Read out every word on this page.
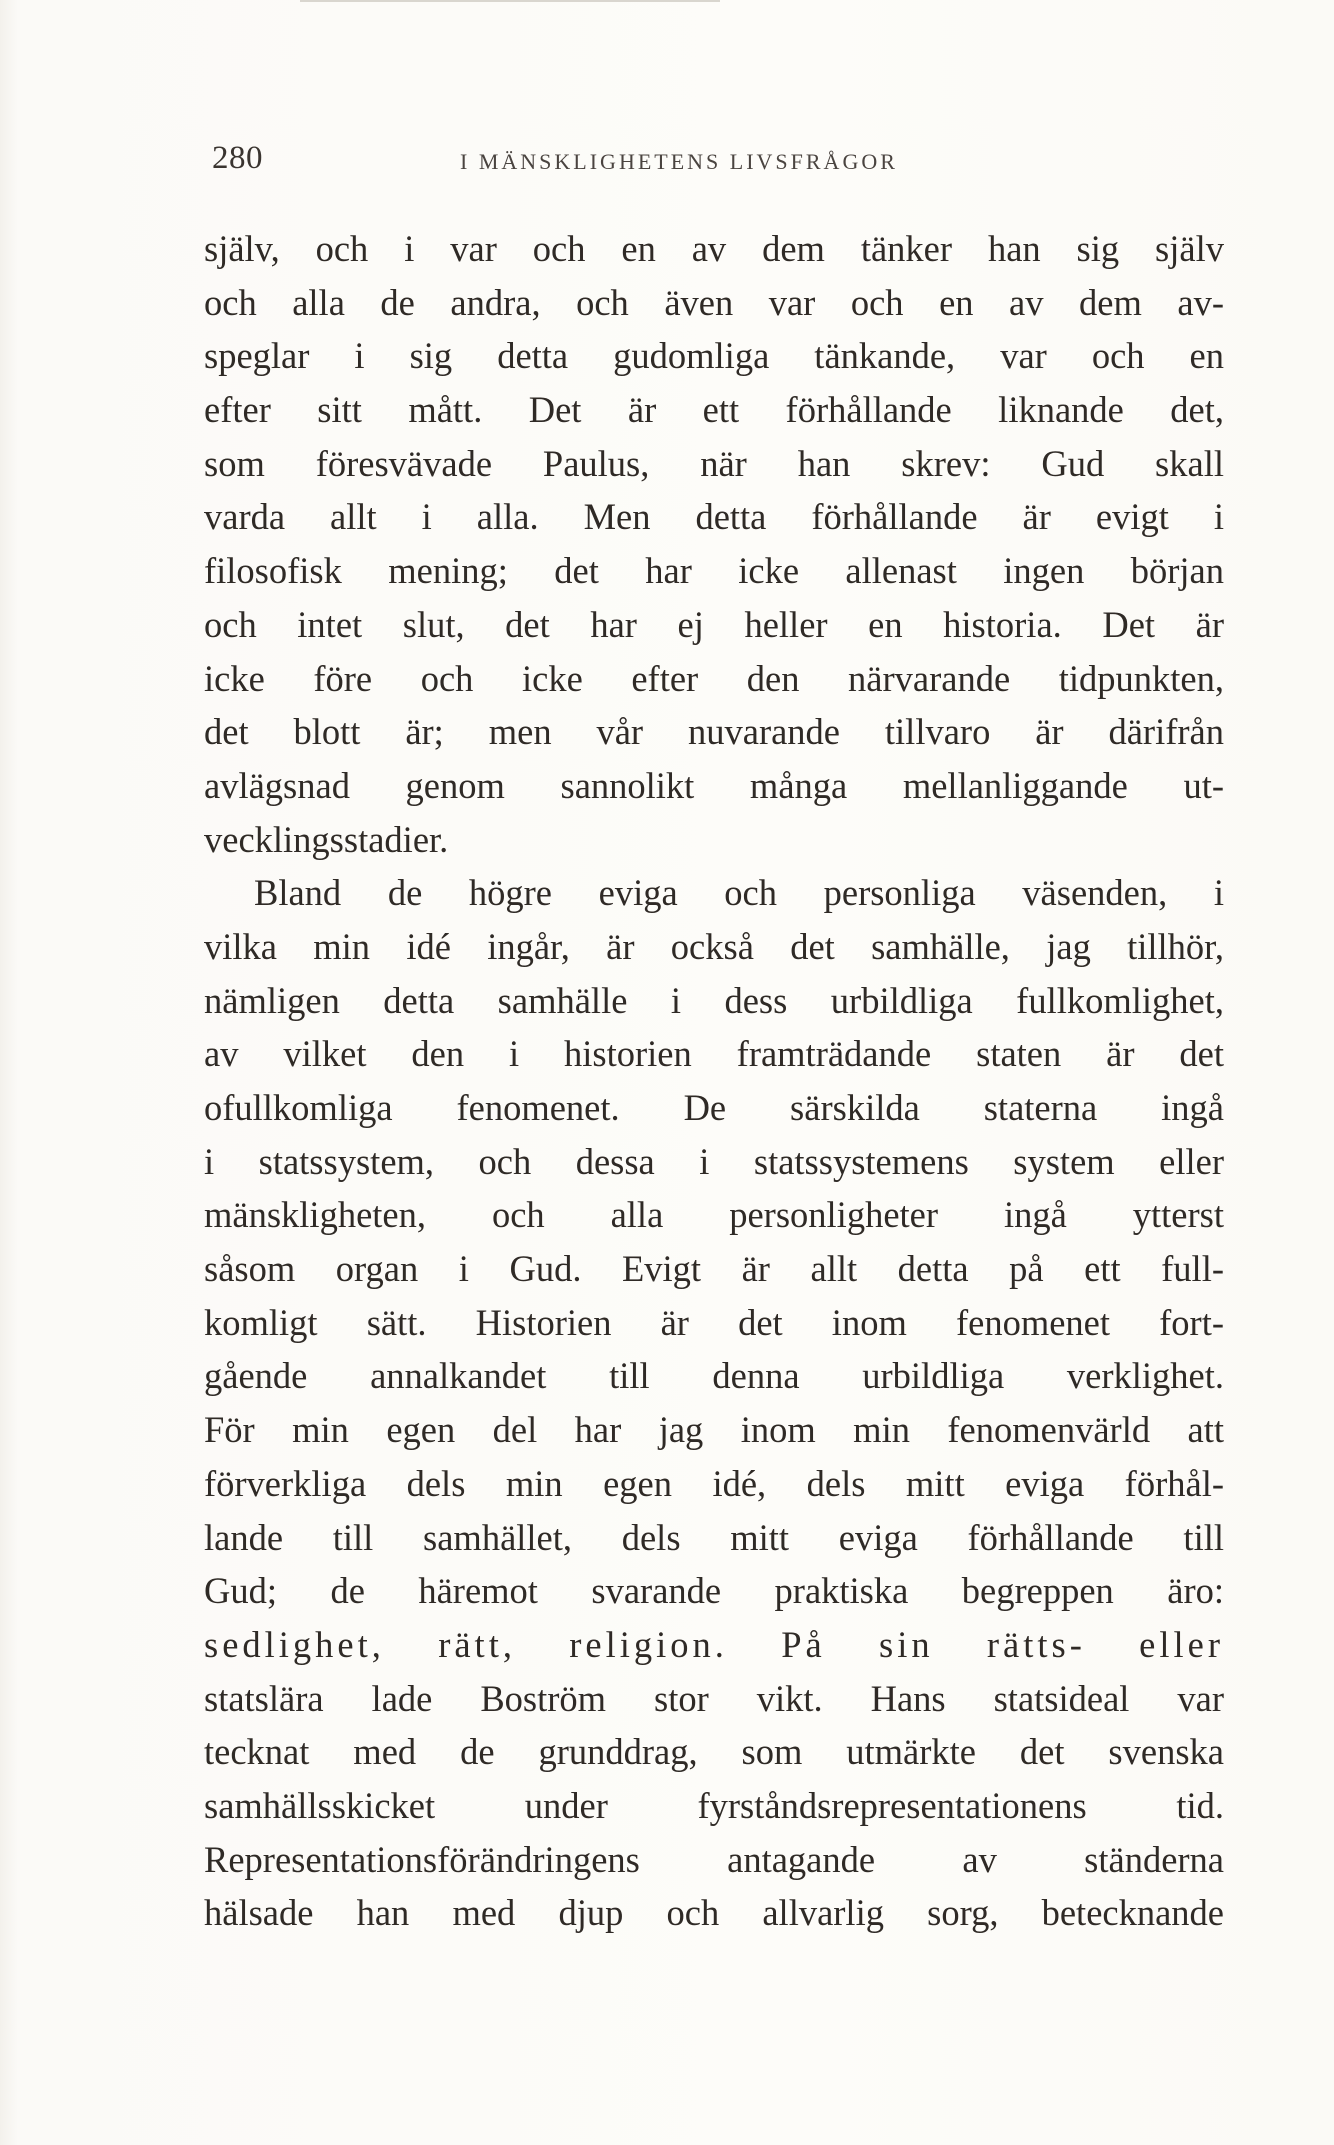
280	I MÄNSKLIGHETENS LIVSFRÅGOR
själv, och i var och en av dem tänker han sig själv
och alla de andra, och även var och en av dem av-
speglar i sig detta gudomliga tänkande, var och en
efter sitt mått. Det är ett förhållande liknande det,
som föresvävade Paulus, när han skrev: Gud skall
varda allt i alla. Men detta förhållande är evigt i
filosofisk mening; det har icke allenast ingen början
och intet slut, det har ej heller en historia. Det är
icke före och icke efter den närvarande tidpunkten,
det blott är; men vår nuvarande tillvaro är därifrån
avlägsnad genom sannolikt många mellanliggande ut-
vecklingsstadier.
Bland de högre eviga och personliga väsenden, i
vilka min idé ingår, är också det samhälle, jag tillhör,
nämligen detta samhälle i dess urbildliga fullkomlighet,
av vilket den i historien framträdande staten är det
ofullkomliga fenomenet. De särskilda staterna ingå
i statssystem, och dessa i statssystemens system eller
mänskligheten, och alla personligheter ingå ytterst
såsom organ i Gud. Evigt är allt detta på ett full-
komligt sätt. Historien är det inom fenomenet fort-
gående annalkandet till denna urbildliga verklighet.
För min egen del har jag inom min fenomenvärld att
förverkliga dels min egen idé, dels mitt eviga förhål-
lande till samhället, dels mitt eviga förhållande till
Gud; de häremot svarande praktiska begreppen äro:
sedlighet, rätt, religion. På sin rätts- eller
statslära lade Boström stor vikt. Hans statsideal var
tecknat med de grunddrag, som utmärkte det svenska
samhällsskicket under fyrståndsrepresentationens tid.
Representationsförändringens antagande av ständerna
hälsade han med djup och allvarlig sorg, betecknande
